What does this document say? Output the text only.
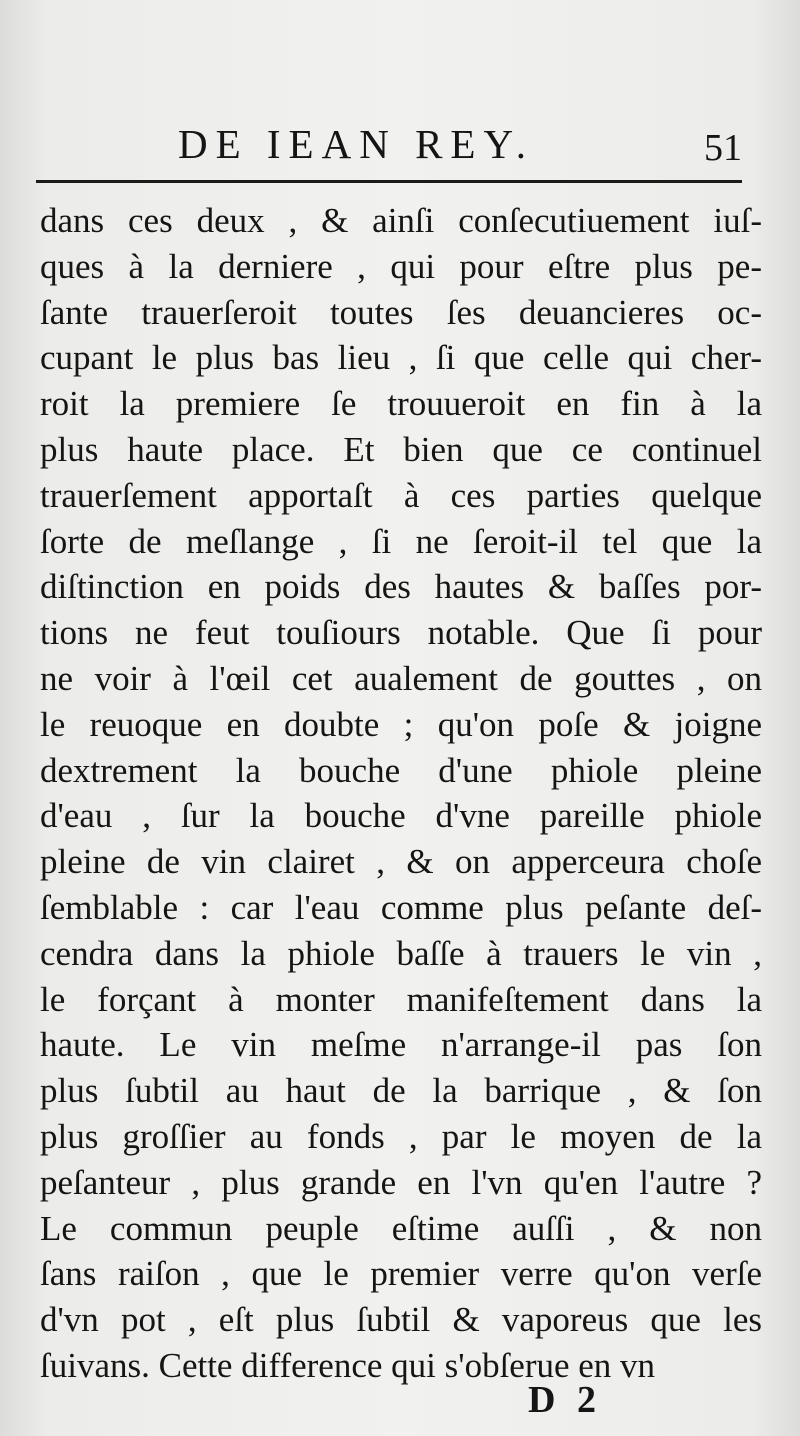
DE IEAN REY.	51
dans ces deux , & ainſi conſecutiuement iuſ-
ques à la derniere , qui pour eſtre plus pe-
ſante trauerſeroit toutes ſes deuancieres oc-
cupant le plus bas lieu , ſi que celle qui cher-
roit la premiere ſe trouueroit en fin à la
plus haute place. Et bien que ce continuel
trauerſement apportaſt à ces parties quelque
ſorte de meſlange , ſi ne ſeroit-il tel que la
diſtinction en poids des hautes & baſſes por-
tions ne feut touſiours notable. Que ſi pour
ne voir à l'œil cet aualement de gouttes , on
le reuoque en doubte ; qu'on poſe & joigne
dextrement la bouche d'une phiole pleine
d'eau , ſur la bouche d'vne pareille phiole
pleine de vin clairet , & on apperceura choſe
ſemblable : car l'eau comme plus peſante deſ-
cendra dans la phiole baſſe à trauers le vin ,
le forçant à monter manifeſtement dans la
haute. Le vin meſme n'arrange-il pas ſon
plus ſubtil au haut de la barrique , & ſon
plus groſſier au fonds , par le moyen de la
peſanteur , plus grande en l'vn qu'en l'autre ?
Le commun peuple eſtime auſſi , & non
ſans raiſon , que le premier verre qu'on verſe
d'vn pot , eſt plus ſubtil & vaporeus que les
ſuivans. Cette difference qui s'obſerue en vn
D 2
